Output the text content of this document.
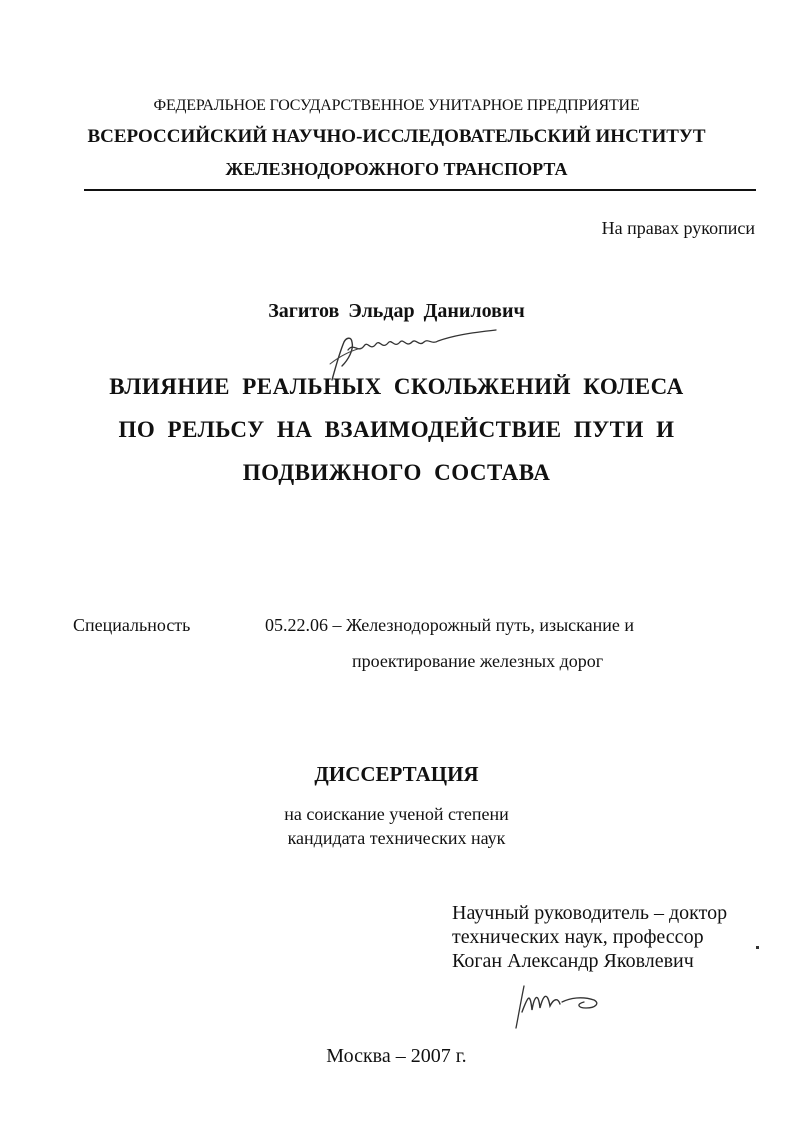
ФЕДЕРАЛЬНОЕ ГОСУДАРСТВЕННОЕ УНИТАРНОЕ ПРЕДПРИЯТИЕ
ВСЕРОССИЙСКИЙ НАУЧНО-ИССЛЕДОВАТЕЛЬСКИЙ ИНСТИТУТ
ЖЕЛЕЗНОДОРОЖНОГО ТРАНСПОРТА
На правах рукописи
Загитов Эльдар Данилович
ВЛИЯНИЕ РЕАЛЬНЫХ СКОЛЬЖЕНИЙ КОЛЕСА
ПО РЕЛЬСУ НА ВЗАИМОДЕЙСТВИЕ ПУТИ И
ПОДВИЖНОГО СОСТАВА
Специальность	05.22.06 – Железнодорожный путь, изыскание и
проектирование железных дорог
ДИССЕРТАЦИЯ
на соискание ученой степени
кандидата технических наук
Научный руководитель – доктор
технических наук, профессор
Коган Александр Яковлевич
Москва – 2007 г.
